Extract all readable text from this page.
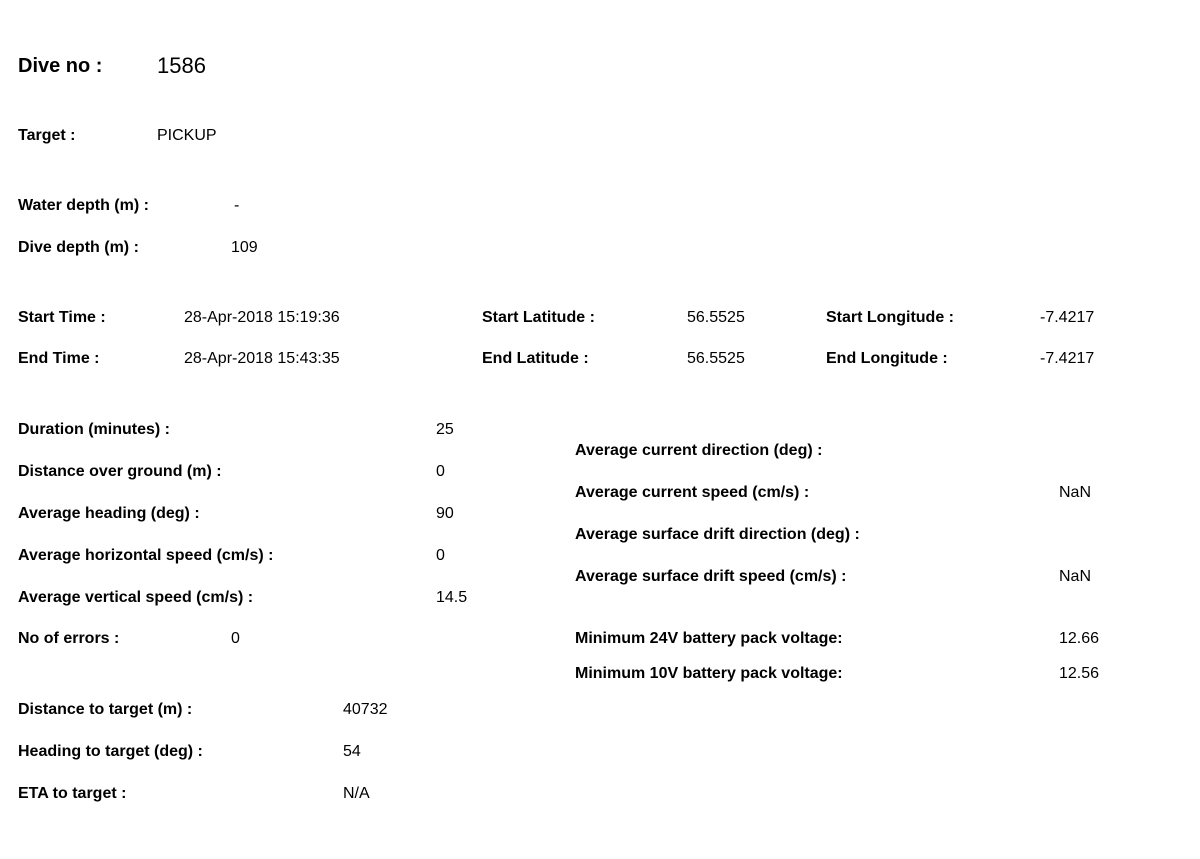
Dive no : 1586
Target :	PICKUP
Water depth (m) :	-
Dive depth (m) :	109
Start Time :	28-Apr-2018 15:19:36
End Time :	28-Apr-2018 15:43:35
Start Latitude :	56.5525
End Latitude :	56.5525
Start Longitude :	-7.4217
End Longitude :	-7.4217
Duration (minutes) :	25
Distance over ground (m) :	0
Average heading (deg) :	90
Average horizontal speed (cm/s) :	0
Average vertical speed (cm/s) :	14.5
No of errors :	0
Average current direction (deg) :
Average current speed (cm/s) :	NaN
Average surface drift direction (deg) :
Average surface drift speed (cm/s) :	NaN
Minimum 24V battery pack voltage:	12.66
Minimum 10V battery pack voltage:	12.56
Distance to target (m) :	40732
Heading to target (deg) :	54
ETA to target :	N/A
